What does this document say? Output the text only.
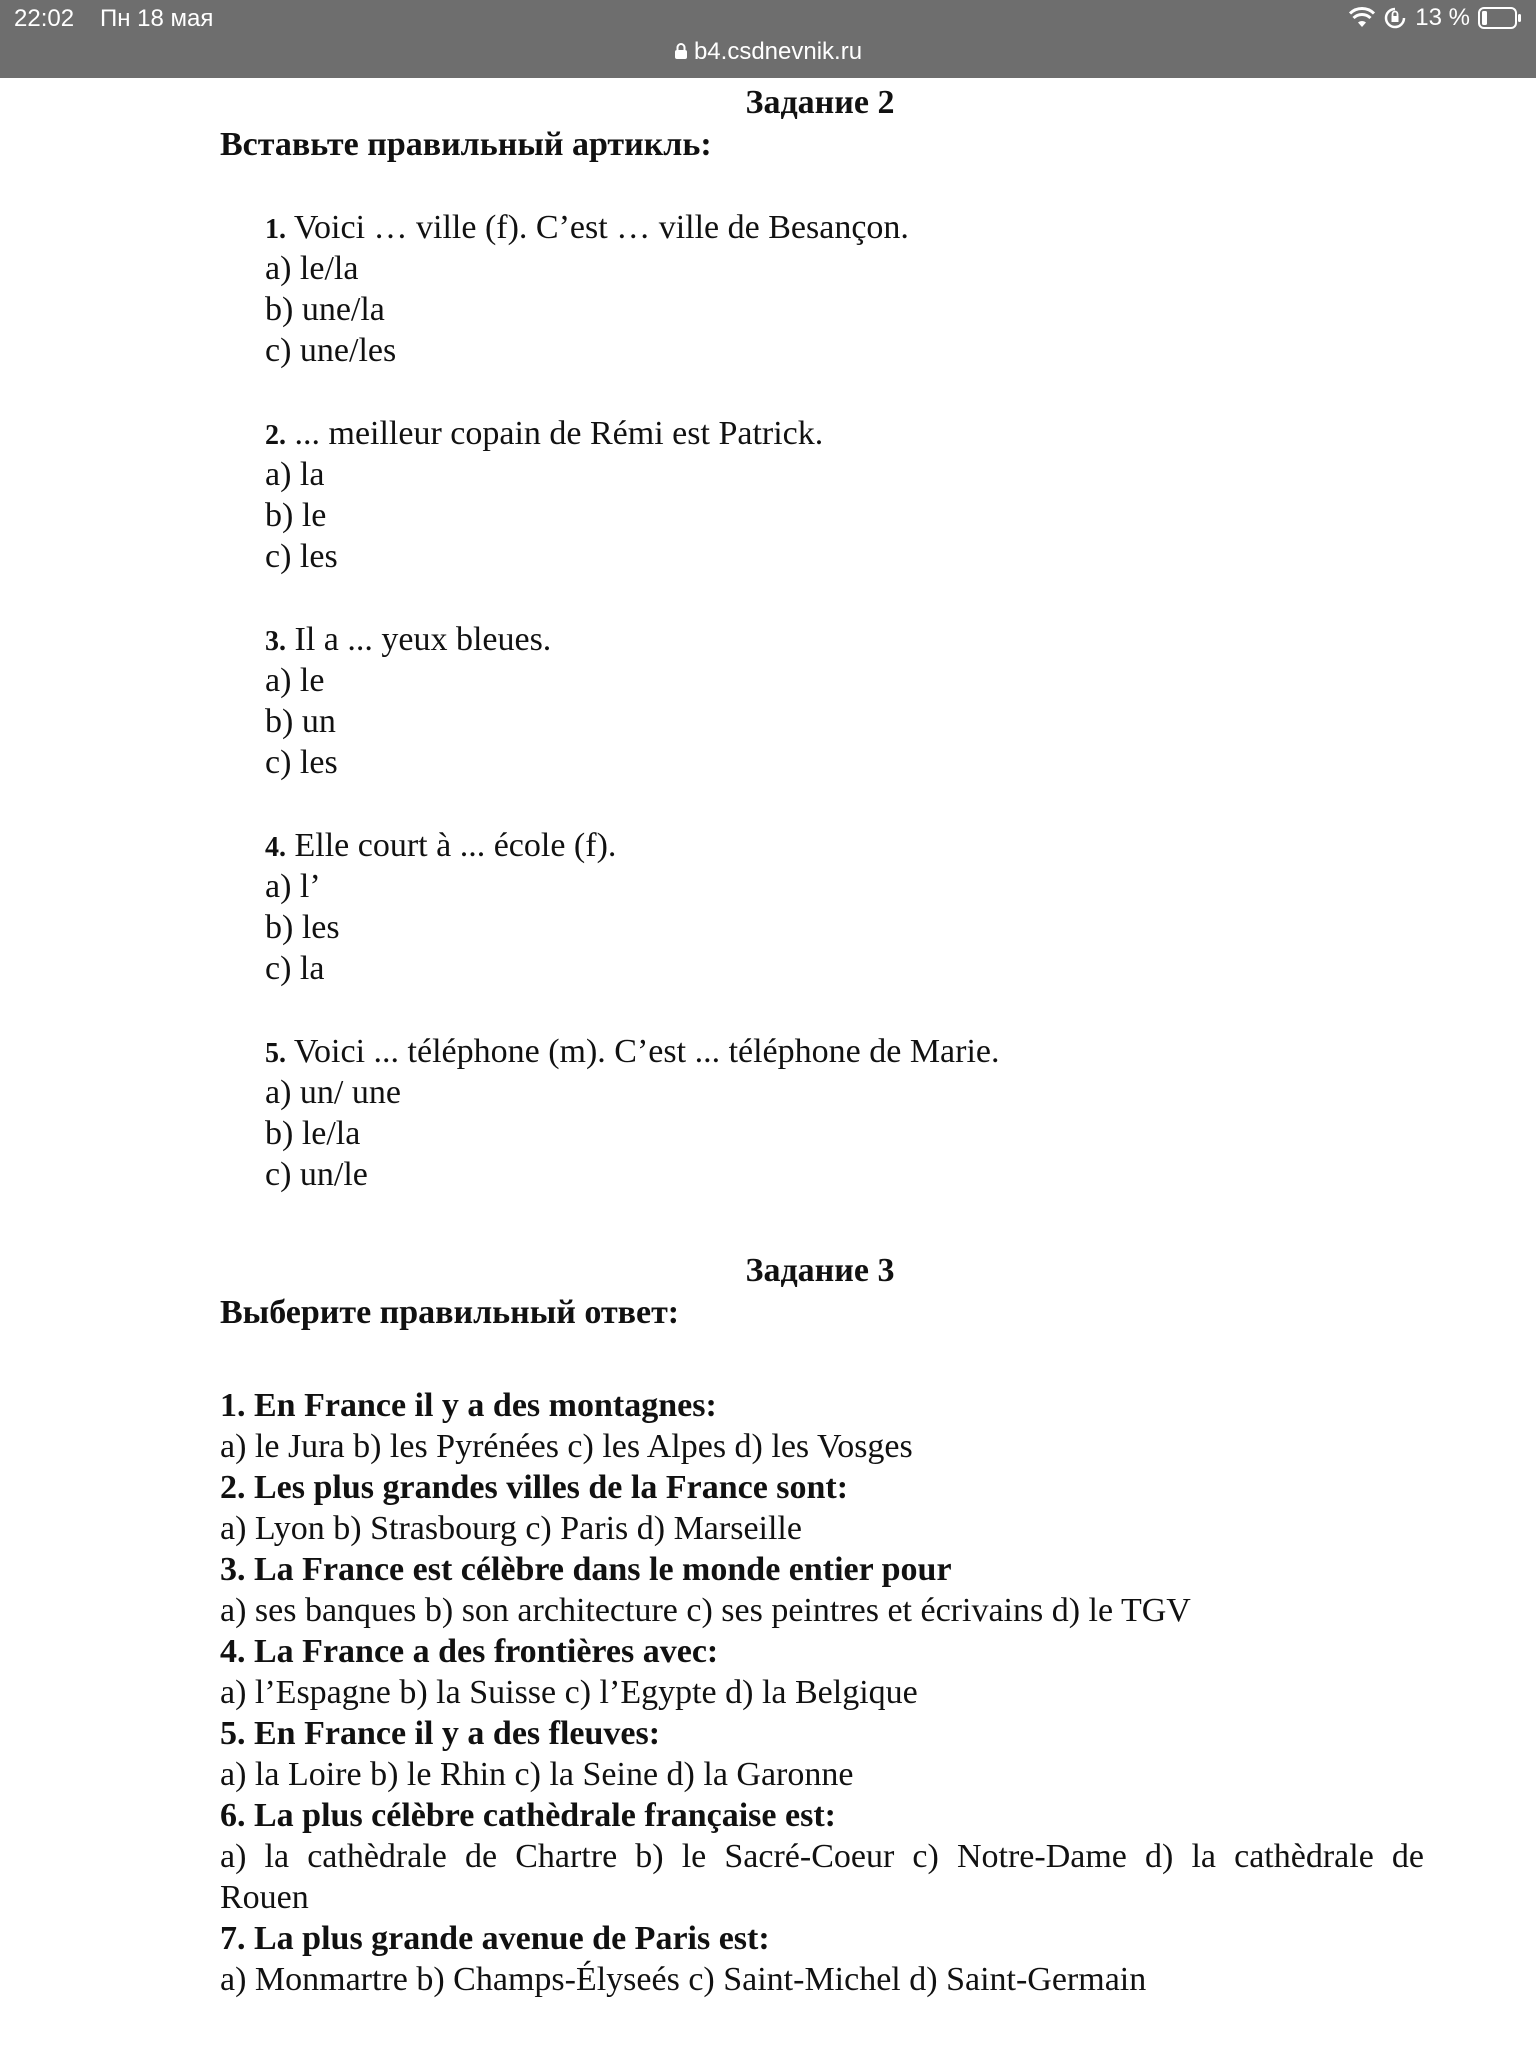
22:02 Пн 18 мая	13 %
b4.csdnevnik.ru
Задание 2
Вставьте правильный артикль:
1. Voici … ville (f). C’est … ville de Besançon.
a) le/la
b) une/la
c) une/les
2. ... meilleur copain de Rémi est Patrick.
a) la
b) le
c) les
3. Il a ... yeux bleues.
a) le
b) un
c) les
4. Elle court à ... école (f).
a) l’
b) les
c) la
5. Voici ... téléphone (m). C’est ... téléphone de Marie.
a) un/ une
b) le/la
c) un/le
Задание 3
Выберите правильный ответ:
1. En France il y a des montagnes:
a) le Jura b) les Pyrénées c) les Alpes d) les Vosges
2. Les plus grandes villes de la France sont:
a) Lyon b) Strasbourg c) Paris d) Marseille
3. La France est célèbre dans le monde entier pour
a) ses banques b) son architecture c) ses peintres et écrivains d) le TGV
4. La France a des frontières avec:
a) l’Espagne b) la Suisse c) l’Egypte d) la Belgique
5. En France il y a des fleuves:
a) la Loire b) le Rhin c) la Seine d) la Garonne
6. La plus célèbre cathèdrale française est:
a) la cathèdrale de Chartre b) le Sacré-Coeur c) Notre-Dame d) la cathèdrale de
Rouen
7. La plus grande avenue de Paris est:
a) Monmartre b) Champs-Élyseés c) Saint-Michel d) Saint-Germain
